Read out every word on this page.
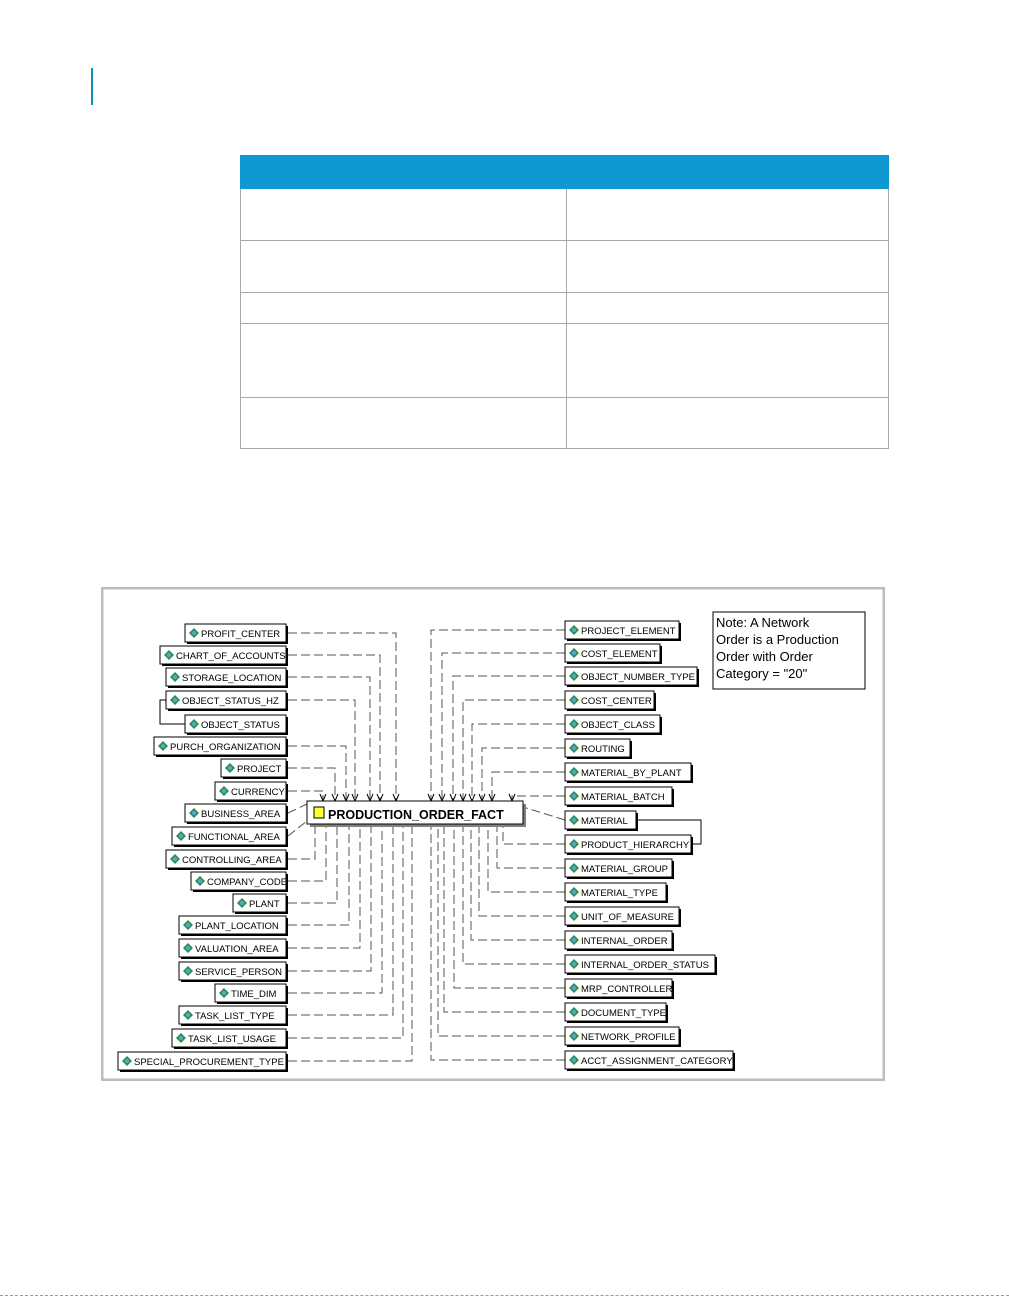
PROFIT_CENTER
CHART_OF_ACCOUNTS
STORAGE_LOCATION
OBJECT_STATUS_HZ
OBJECT_STATUS
PURCH_ORGANIZATION
PROJECT
CURRENCY
BUSINESS_AREA
FUNCTIONAL_AREA
CONTROLLING_AREA
COMPANY_CODE
PLANT
PLANT_LOCATION
VALUATION_AREA
SERVICE_PERSON
TIME_DIM
TASK_LIST_TYPE
TASK_LIST_USAGE
SPECIAL_PROCUREMENT_TYPE
PROJECT_ELEMENT
COST_ELEMENT
OBJECT_NUMBER_TYPE
COST_CENTER
OBJECT_CLASS
ROUTING
MATERIAL_BY_PLANT
MATERIAL_BATCH
MATERIAL
PRODUCT_HIERARCHY
MATERIAL_GROUP
MATERIAL_TYPE
UNIT_OF_MEASURE
INTERNAL_ORDER
INTERNAL_ORDER_STATUS
MRP_CONTROLLER
DOCUMENT_TYPE
NETWORK_PROFILE
ACCT_ASSIGNMENT_CATEGORY
PRODUCTION_ORDER_FACT
Note: A Network
Order is a Production
Order with Order
Category = "20"
